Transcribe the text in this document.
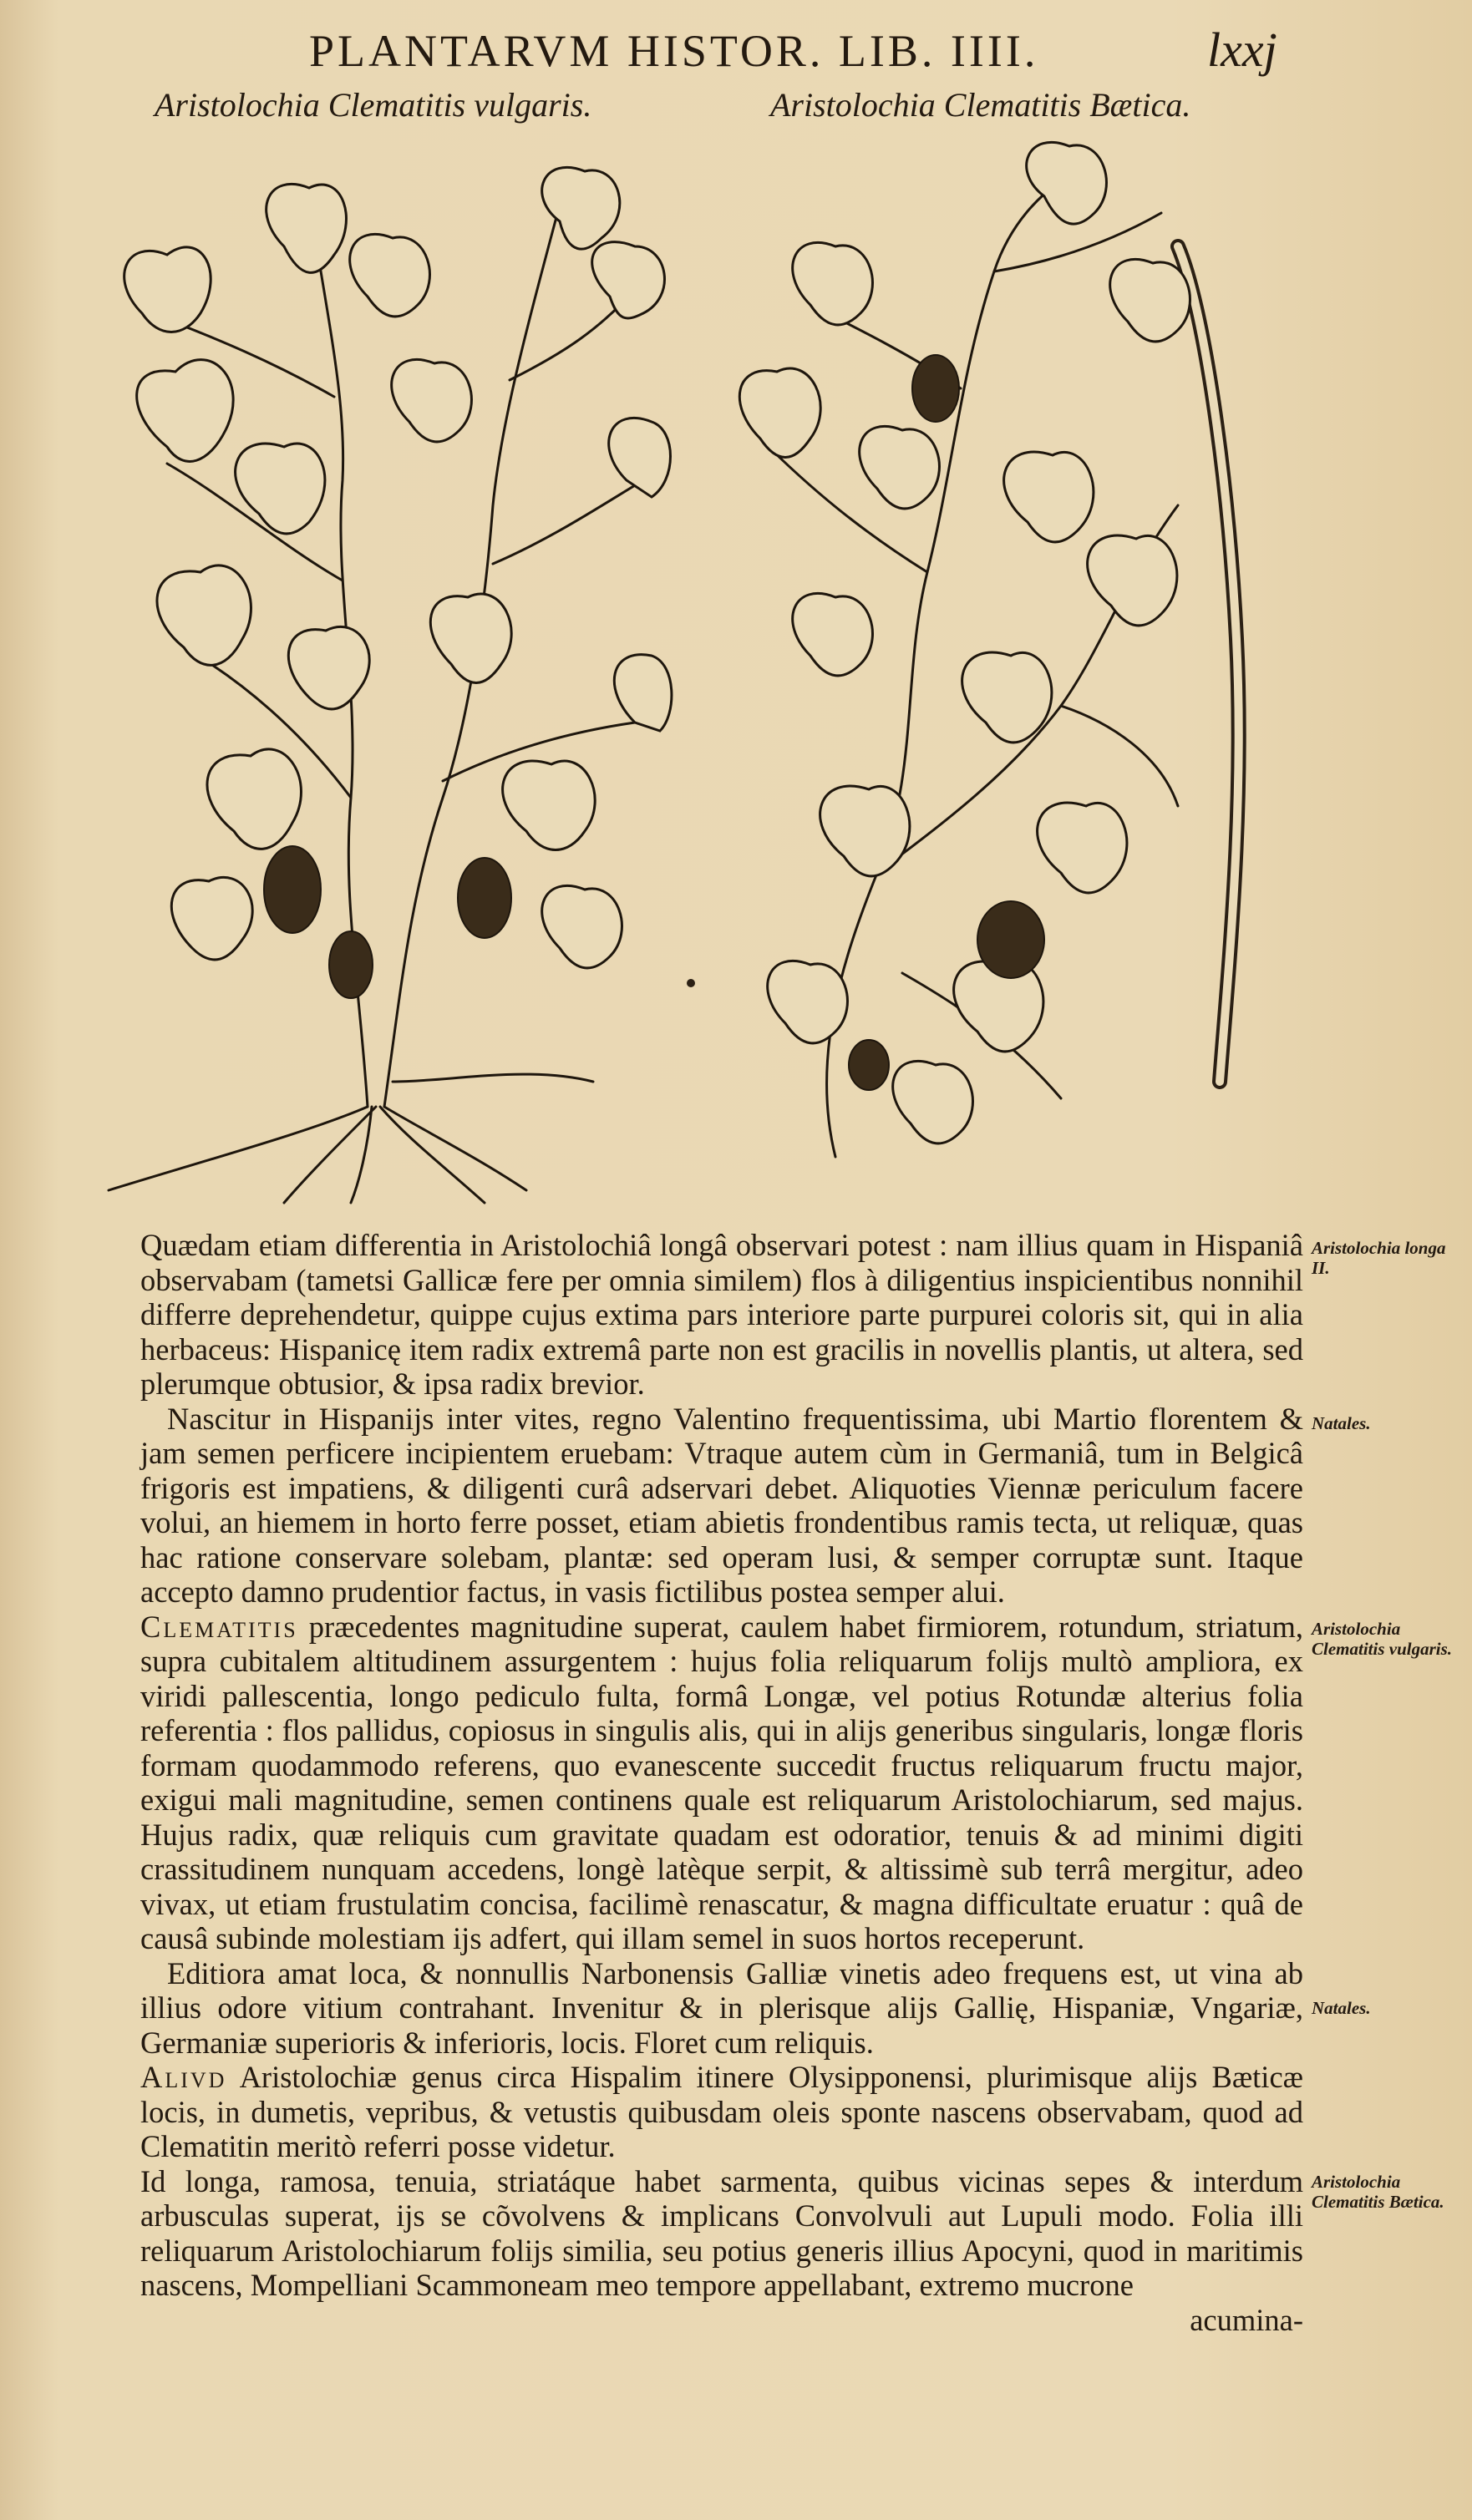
PLANTARVM HISTOR. LIB. IIII.	lxxj
Aristolochia Clematitis vulgaris.	Aristolochia Clematitis Bætica.

Quædam etiam differentia in Aristolochiâ longâ observari potest : nam illius quam in Hispaniâ observabam (tametsi Gallicæ fere per omnia similem) flos à diligentius inspicientibus nonnihil differre deprehendetur, quippe cujus extima pars interiore parte purpurei coloris sit, qui in alia herbaceus: Hispanicę item radix extremâ parte non est gracilis in novellis plantis, ut altera, sed plerumque obtusior, & ipsa radix brevior.

Nascitur in Hispanijs inter vites, regno Valentino frequentissima, ubi Martio florentem & jam semen perficere incipientem eruebam: Vtraque autem cùm in Germaniâ, tum in Belgicâ frigoris est impatiens, & diligenti curâ adservari debet. Aliquoties Viennæ periculum facere volui, an hiemem in horto ferre posset, etiam abietis frondentibus ramis tecta, ut reliquæ, quas hac ratione conservare solebam, plantæ: sed operam lusi, & semper corruptæ sunt. Itaque accepto damno prudentior factus, in vasis fictilibus postea semper alui.

Clematitis præcedentes magnitudine superat, caulem habet firmiorem, rotundum, striatum, supra cubitalem altitudinem assurgentem : hujus folia reliquarum folijs multò ampliora, ex viridi pallescentia, longo pediculo fulta, formâ Longæ, vel potius Rotundæ alterius folia referentia : flos pallidus, copiosus in singulis alis, qui in alijs generibus singularis, longæ floris formam quodammodo referens, quo evanescente succedit fructus reliquarum fructu major, exigui mali magnitudine, semen continens quale est reliquarum Aristolochiarum, sed majus. Hujus radix, quæ reliquis cum gravitate quadam est odoratior, tenuis & ad minimi digiti crassitudinem nunquam accedens, longè latèque serpit, & altissimè sub terrâ mergitur, adeo vivax, ut etiam frustulatim concisa, facilimè renascatur, & magna difficultate eruatur : quâ de causâ subinde molestiam ijs adfert, qui illam semel in suos hortos receperunt.

Editiora amat loca, & nonnullis Narbonensis Galliæ vinetis adeo frequens est, ut vina ab illius odore vitium contrahant. Invenitur & in plerisque alijs Gallię, Hispaniæ, Vngariæ, Germaniæ superioris & inferioris, locis. Floret cum reliquis.

Alivd Aristolochiæ genus circa Hispalim itinere Olysipponensi, plurimisque alijs Bæticæ locis, in dumetis, vepribus, & vetustis quibusdam oleis sponte nascens observabam, quod ad Clematitin meritò referri posse videtur.

Id longa, ramosa, tenuia, striatáque habet sarmenta, quibus vicinas sepes & interdum arbusculas superat, ijs se cõvolvens & implicans Convolvuli aut Lupuli modo. Folia illi reliquarum Aristolochiarum folijs similia, seu potius generis illius Apocyni, quod in maritimis nascens, Mompelliani Scammoneam meo tempore appellabant, extremo mucrone

acumina-

Aristolochia longa II.
Natales.
Aristolochia Clematitis vulgaris.
Natales.
Aristolochia Clematitis Bætica.
